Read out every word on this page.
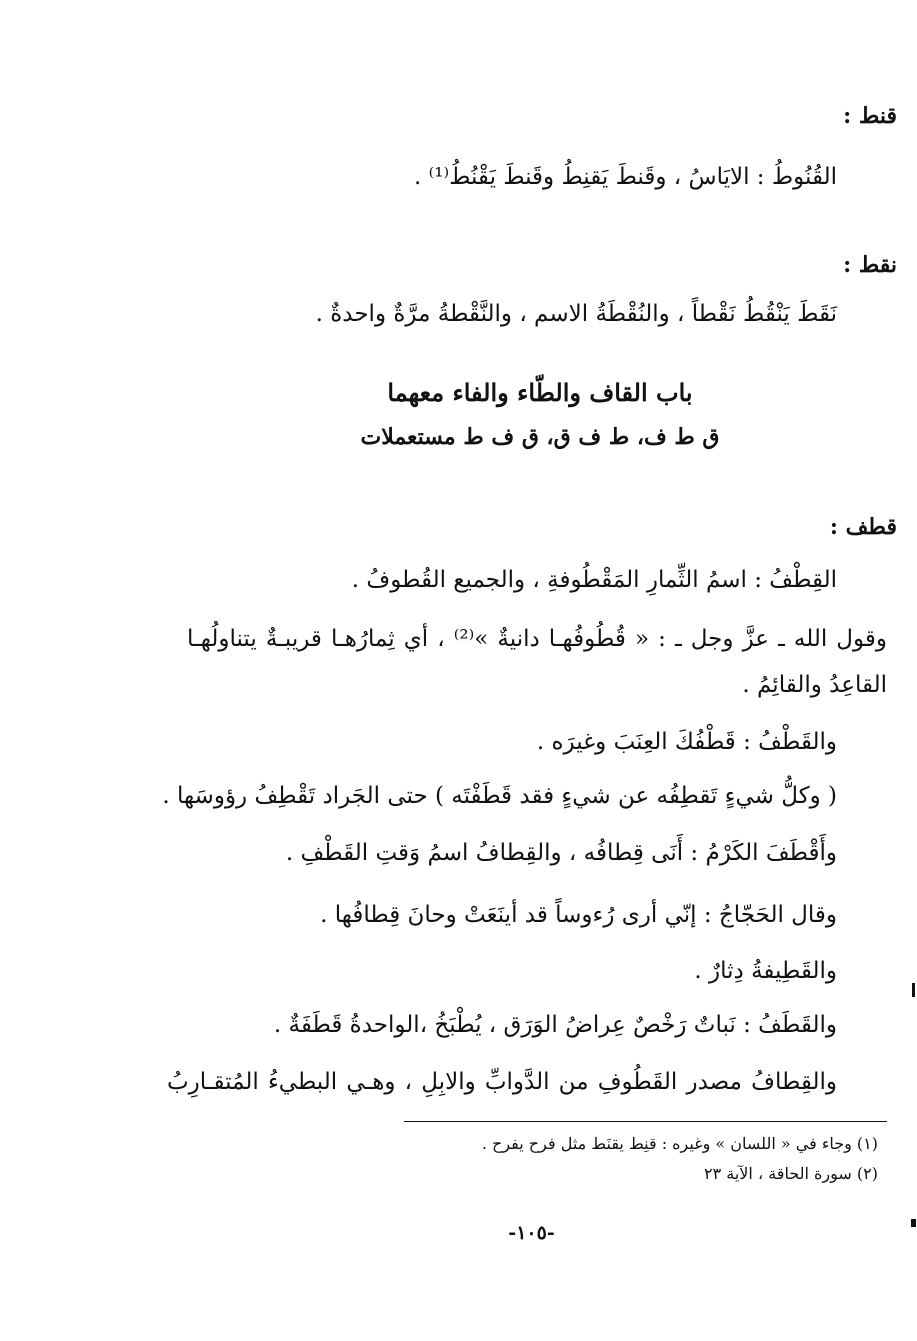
قنط :
القُنُوطُ : الايَاسُ ، وقَنطَ يَقنِطُ وقَنطَ يَقْنُطُ⁽¹⁾ .
نقط :
نَقَطَ يَنْقُطُ نَقْطاً ، والنُقْطَةُ الاسم ، والنَّقْطةُ مرَّةٌ واحدةٌ .
باب القاف والطّاء والفاء معهما
ق ط ف، ط ف ق، ق ف ط مستعملات
قطف :
القِطْفُ : اسمُ الثِّمارِ المَقْطُوفةِ ، والجميع القُطوفُ .
وقول الله ـ عزَّ وجل ـ : « قُطُوفُهـا دانيةٌ »⁽²⁾ ، أي ثِمارُهـا قريبـةٌ يتناولُهـا
القاعِدُ والقائِمُ .
والقَطْفُ : قَطْفُكَ العِنَبَ وغيرَه .
( وكلُّ شيءٍ تَقطِفُه عن شيءٍ فقد قَطَفْتَه ) حتى الجَراد تَقْطِفُ رؤوسَها .
وأَقْطَفَ الكَرْمُ : أَنَى قِطافُه ، والقِطافُ اسمُ وَقتِ القَطْفِ .
وقال الحَجّاجُ : إنّي أرى رُءوساً قد أينَعَتْ وحانَ قِطافُها .
والقَطِيفةُ دِثارٌ .
والقَطَفُ : نَباتٌ رَخْصٌ عِراضُ الوَرَق ، يُطْبَخُ ،الواحدةُ قَطَفَةٌ .
والقِطافُ مصدر القَطُوفِ من الدَّوابِّ والابِلِ ، وهـي البطيءُ المُتقـارِبُ
(١) وجاء في « اللسان » وغيره : قنِط يقنَط مثل فرح يفرح .
(٢) سورة الحاقة ، الآية ٢٣
-١٠٥-
